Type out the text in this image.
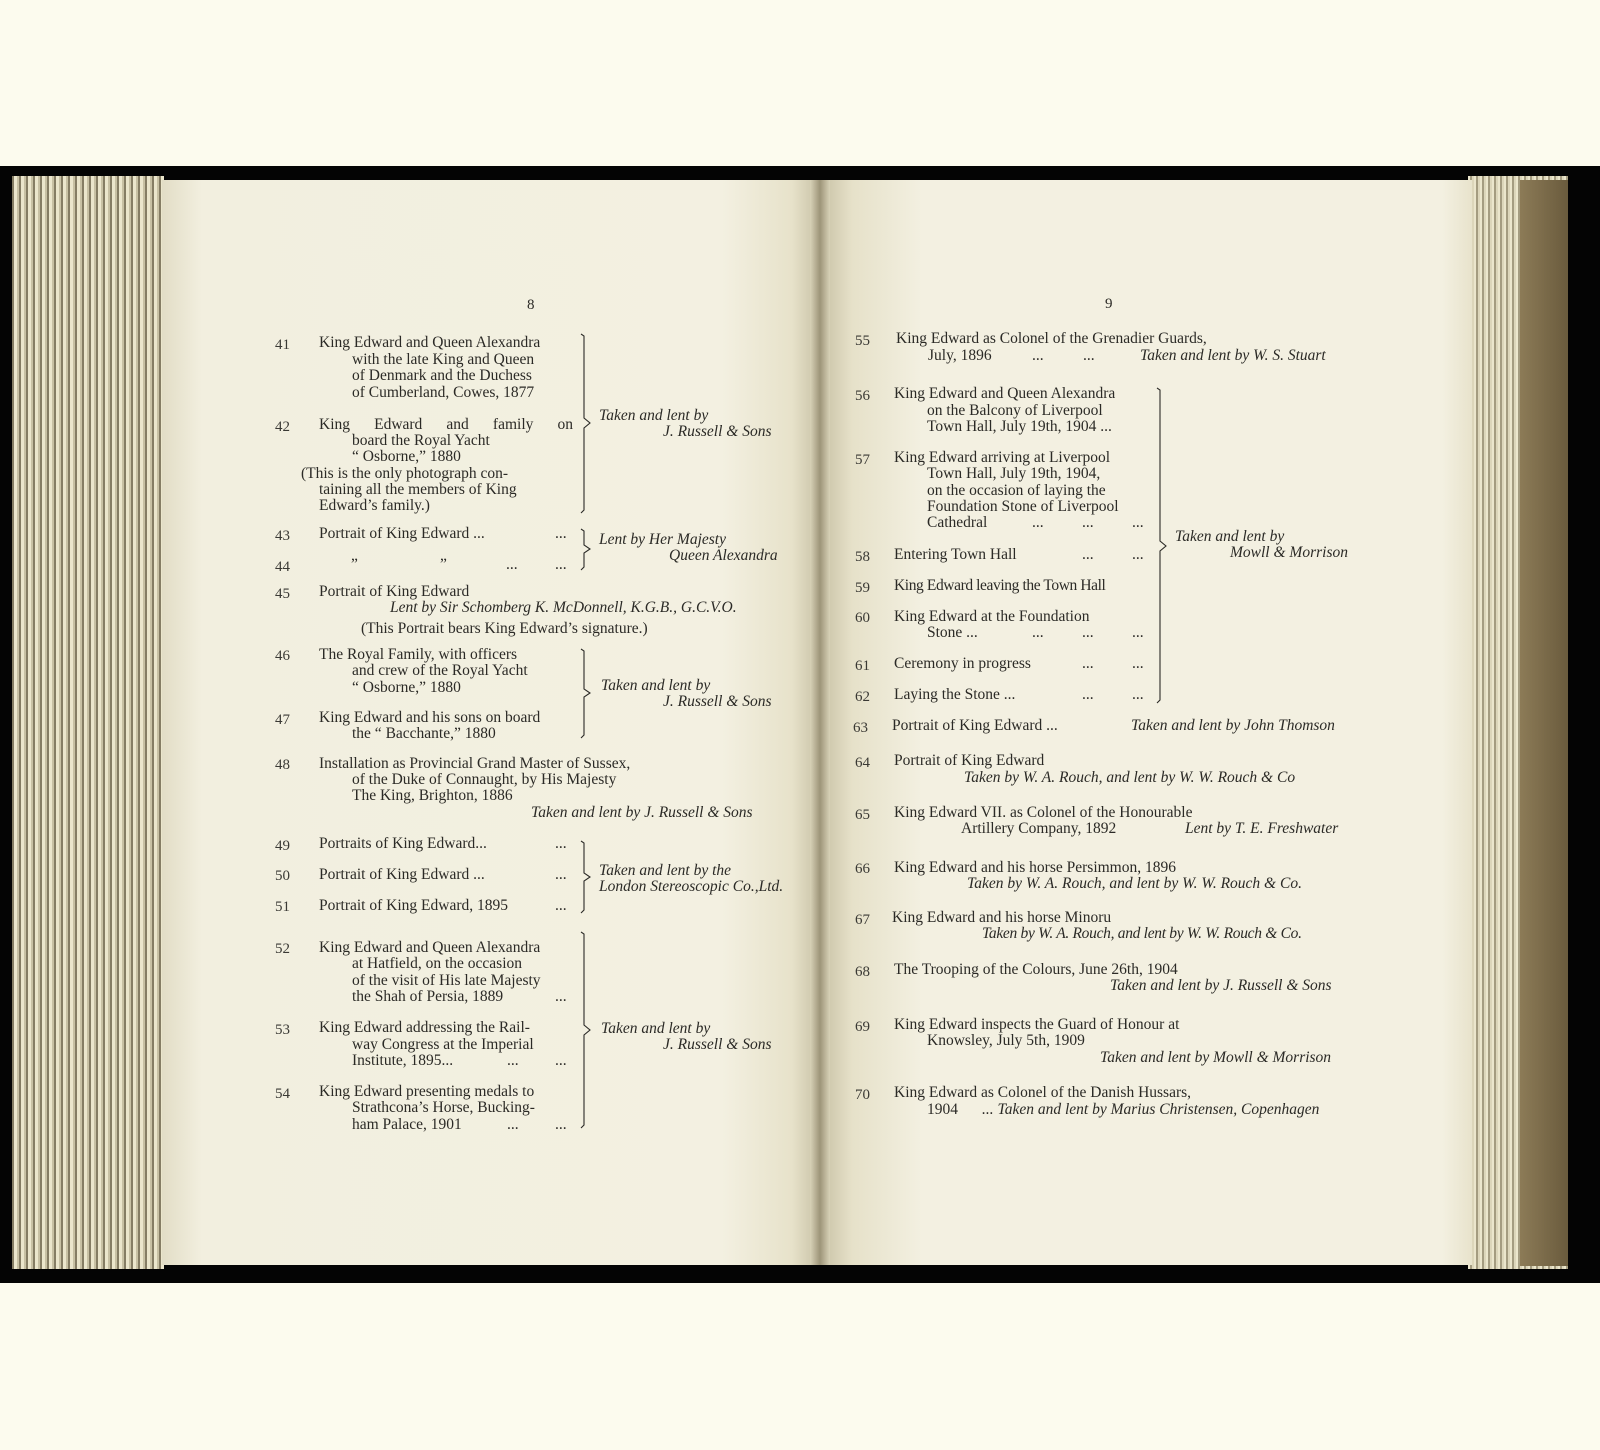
8
41 King Edward and Queen Alexandra
with the late King and Queen
of Denmark and the Duchess
of Cumberland, Cowes, 1877
42 King Edward and family on
board the Royal Yacht
“ Osborne,” 1880
(This is the only photograph con-
taining all the members of King
Edward’s family.)
Taken and lent by
J. Russell & Sons
43 Portrait of King Edward ...	...
44	”	”	... ...
Lent by Her Majesty
Queen Alexandra
45 Portrait of King Edward
Lent by Sir Schomberg K. McDonnell, K.G.B., G.C.V.O.
(This Portrait bears King Edward’s signature.)
46 The Royal Family, with officers
and crew of the Royal Yacht
“ Osborne,” 1880
47 King Edward and his sons on board
the “ Bacchante,” 1880
Taken and lent by
J. Russell & Sons
48 Installation as Provincial Grand Master of Sussex,
of the Duke of Connaught, by His Majesty
The King, Brighton, 1886
Taken and lent by J. Russell & Sons
49 Portraits of King Edward...	...
50 Portrait of King Edward ...	...
51 Portrait of King Edward, 1895	...
Taken and lent by the
London Stereoscopic Co.,Ltd.
52 King Edward and Queen Alexandra
at Hatfield, on the occasion
of the visit of His late Majesty
the Shah of Persia, 1889	...
53 King Edward addressing the Rail-
way Congress at the Imperial
Institute, 1895...	... ...
54 King Edward presenting medals to
Strathcona’s Horse, Bucking-
ham Palace, 1901	... ...
Taken and lent by
J. Russell & Sons
9
55 King Edward as Colonel of the Grenadier Guards,
July, 1896	...	...	Taken and lent by W. S. Stuart
56 King Edward and Queen Alexandra
on the Balcony of Liverpool
Town Hall, July 19th, 1904 ...
57 King Edward arriving at Liverpool
Town Hall, July 19th, 1904,
on the occasion of laying the
Foundation Stone of Liverpool
Cathedral	... ... ...
58 Entering Town Hall	... ...
59 King Edward leaving the Town Hall
60 King Edward at the Foundation
Stone ...	... ... ...
61 Ceremony in progress	... ...
62 Laying the Stone ...	... ...
Taken and lent by
Mowll & Morrison
63 Portrait of King Edward ...	Taken and lent by John Thomson
64 Portrait of King Edward
Taken by W. A. Rouch, and lent by W. W. Rouch & Co
65 King Edward VII. as Colonel of the Honourable
Artillery Company, 1892	Lent by T. E. Freshwater
66 King Edward and his horse Persimmon, 1896
Taken by W. A. Rouch, and lent by W. W. Rouch & Co.
67 King Edward and his horse Minoru
Taken by W. A. Rouch, and lent by W. W. Rouch & Co.
68 The Trooping of the Colours, June 26th, 1904
Taken and lent by J. Russell & Sons
69 King Edward inspects the Guard of Honour at
Knowsley, July 5th, 1909
Taken and lent by Mowll & Morrison
70 King Edward as Colonel of the Danish Hussars,
1904 ... Taken and lent by Marius Christensen, Copenhagen
